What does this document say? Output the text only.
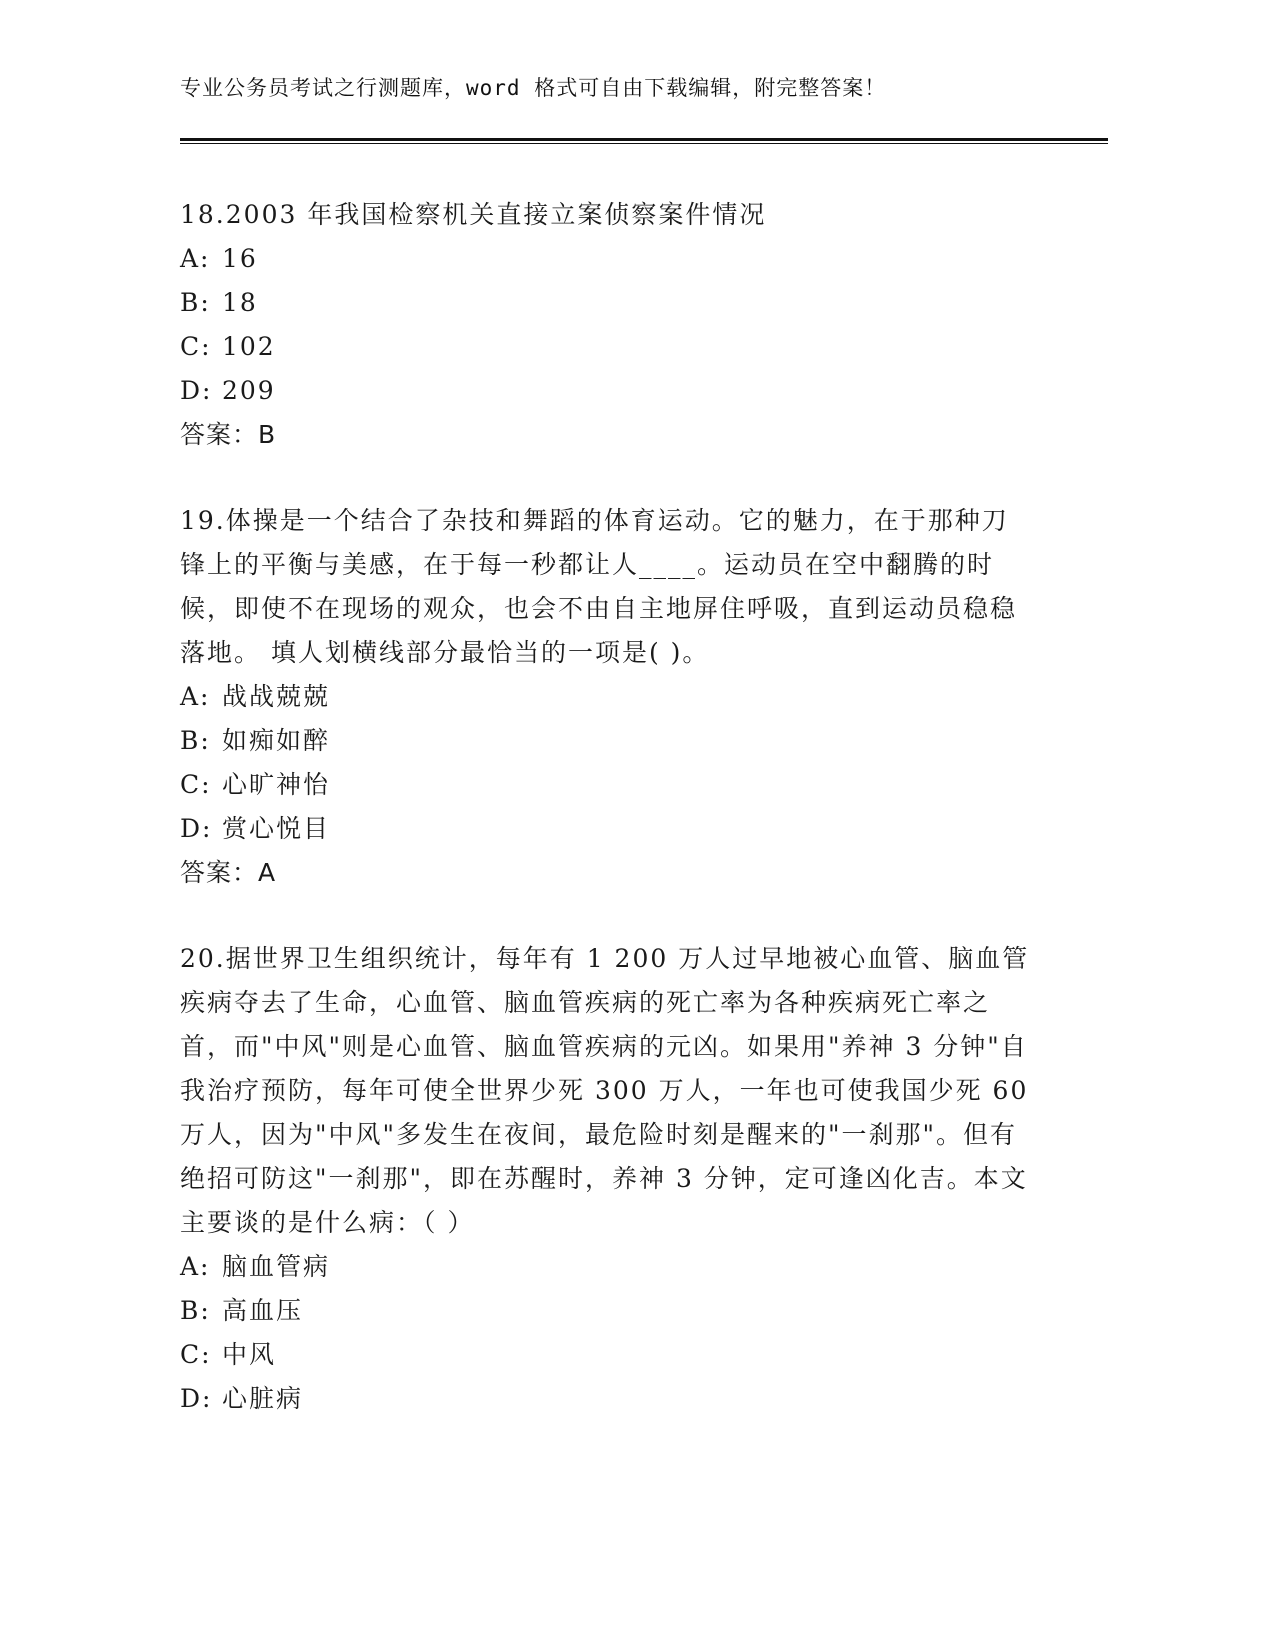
专业公务员考试之行测题库，word 格式可自由下载编辑，附完整答案！

18.2003 年我国检察机关直接立案侦察案件情况

A: 16
B: 18
C: 102
D: 209

答案：B

19.体操是一个结合了杂技和舞蹈的体育运动。它的魅力，在于那种刀锋上的平衡与美感，在于每一秒都让人____。运动员在空中翻腾的时候，即使不在现场的观众，也会不由自主地屏住呼吸，直到运动员稳稳落地。 填人划横线部分最恰当的一项是( )。

A: 战战兢兢
B: 如痴如醉
C: 心旷神怡
D: 赏心悦目

答案：A

20.据世界卫生组织统计，每年有 1 200 万人过早地被心血管、脑血管疾病夺去了生命，心血管、脑血管疾病的死亡率为各种疾病死亡率之首，而"中风"则是心血管、脑血管疾病的元凶。如果用"养神 3 分钟"自我治疗预防，每年可使全世界少死 300 万人，一年也可使我国少死 60 万人，因为"中风"多发生在夜间，最危险时刻是醒来的"一刹那"。但有绝招可防这"一刹那"，即在苏醒时，养神 3 分钟，定可逢凶化吉。本文主要谈的是什么病：（ ）

A: 脑血管病
B: 高血压
C: 中风
D: 心脏病
